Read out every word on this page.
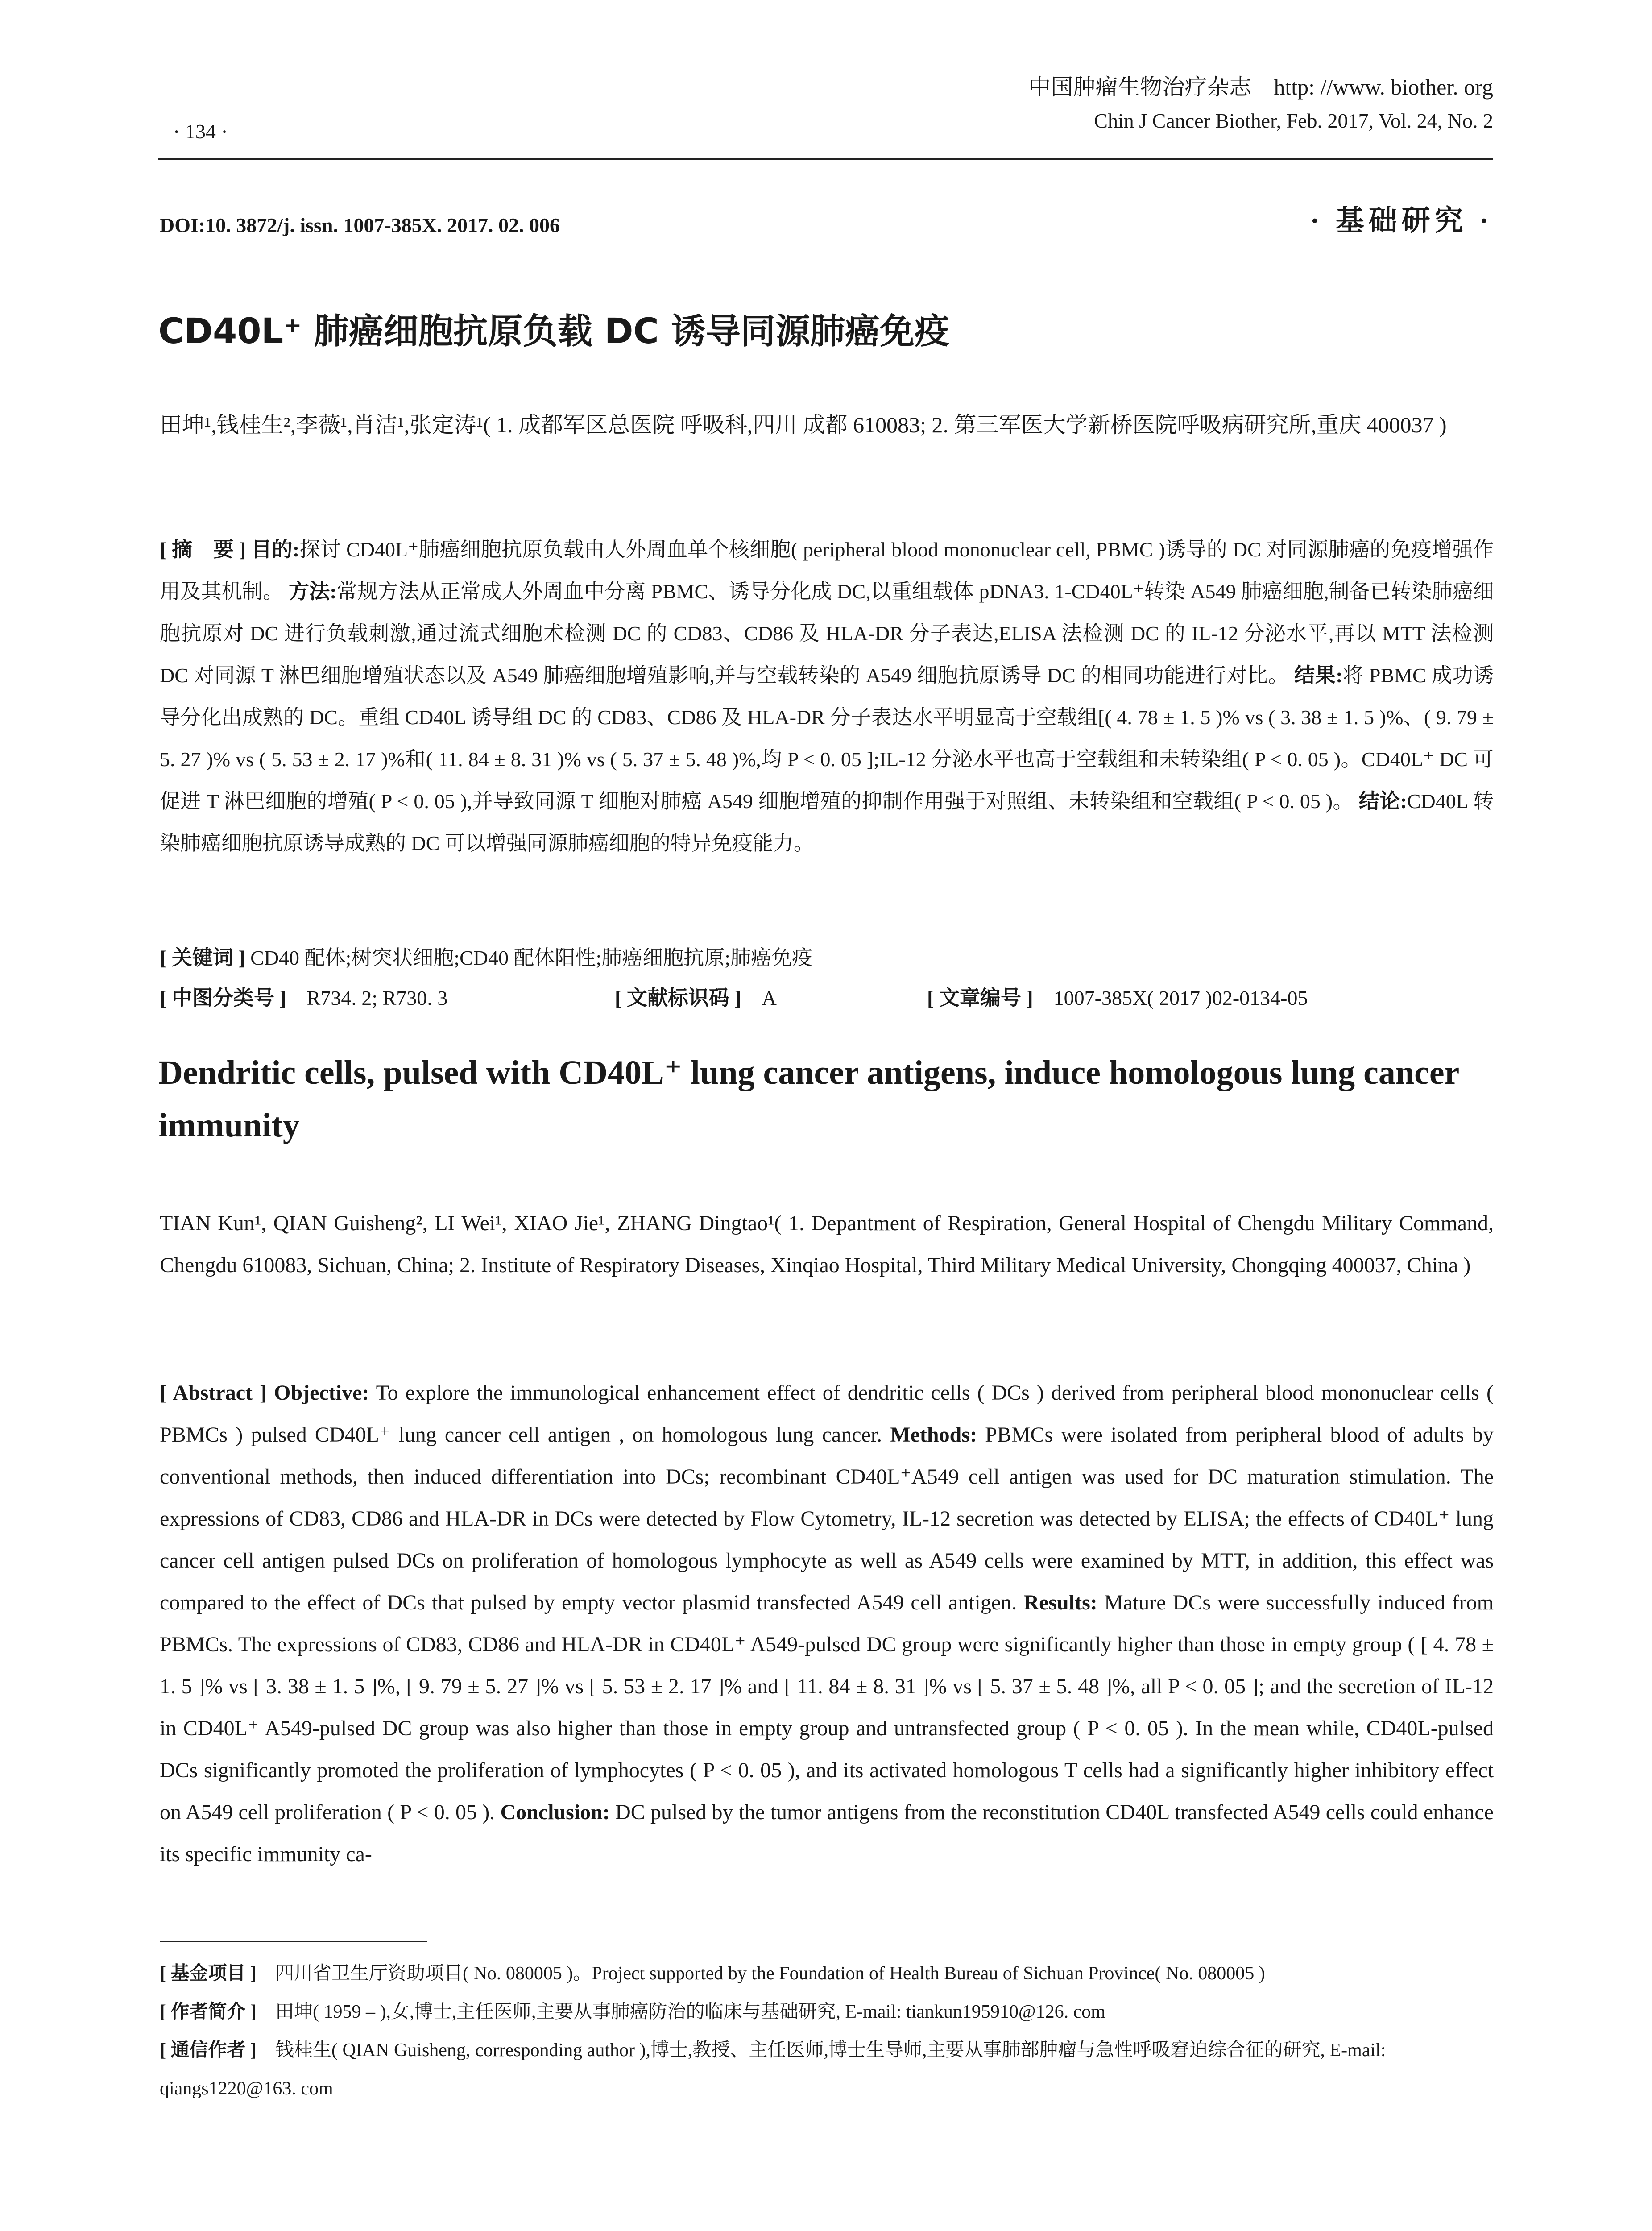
· 134 ·
中国肿瘤生物治疗杂志　http: //www. biother. org
Chin J Cancer Biother, Feb. 2017, Vol. 24, No. 2
DOI:10. 3872/j. issn. 1007-385X. 2017. 02. 006	· 基础研究 ·
CD40L⁺ 肺癌细胞抗原负载 DC 诱导同源肺癌免疫
田坤¹,钱桂生²,李薇¹,肖洁¹,张定涛¹( 1. 成都军区总医院 呼吸科,四川 成都 610083; 2. 第三军医大学新桥医院呼吸病研究所,重庆 400037 )
[ 摘　要 ] 目的:探讨 CD40L⁺肺癌细胞抗原负载由人外周血单个核细胞( peripheral blood mononuclear cell, PBMC )诱导的 DC 对同源肺癌的免疫增强作用及其机制。 方法:常规方法从正常成人外周血中分离 PBMC、诱导分化成 DC,以重组载体 pDNA3. 1-CD40L⁺转染 A549 肺癌细胞,制备已转染肺癌细胞抗原对 DC 进行负载刺激,通过流式细胞术检测 DC 的 CD83、CD86 及 HLA-DR 分子表达,ELISA 法检测 DC 的 IL-12 分泌水平,再以 MTT 法检测 DC 对同源 T 淋巴细胞增殖状态以及 A549 肺癌细胞增殖影响,并与空载转染的 A549 细胞抗原诱导 DC 的相同功能进行对比。 结果:将 PBMC 成功诱导分化出成熟的 DC。重组 CD40L 诱导组 DC 的 CD83、CD86 及 HLA-DR 分子表达水平明显高于空载组[( 4. 78 ± 1. 5 )% vs ( 3. 38 ± 1. 5 )%、( 9. 79 ± 5. 27 )% vs ( 5. 53 ± 2. 17 )%和( 11. 84 ± 8. 31 )% vs ( 5. 37 ± 5. 48 )%,均 P < 0. 05 ];IL-12 分泌水平也高于空载组和未转染组( P < 0. 05 )。CD40L⁺ DC 可促进 T 淋巴细胞的增殖( P < 0. 05 ),并导致同源 T 细胞对肺癌 A549 细胞增殖的抑制作用强于对照组、未转染组和空载组( P < 0. 05 )。 结论:CD40L 转染肺癌细胞抗原诱导成熟的 DC 可以增强同源肺癌细胞的特异免疫能力。
[ 关键词 ] CD40 配体;树突状细胞;CD40 配体阳性;肺癌细胞抗原;肺癌免疫
[ 中图分类号 ]　 R734. 2; R730. 3	[ 文献标识码 ]　 A	[ 文章编号 ]　 1007-385X( 2017 )02-0134-05
Dendritic cells, pulsed with CD40L⁺ lung cancer antigens, induce homologous lung cancer immunity
TIAN Kun¹, QIAN Guisheng², LI Wei¹, XIAO Jie¹, ZHANG Dingtao¹( 1. Depantment of Respiration, General Hospital of Chengdu Military Command, Chengdu 610083, Sichuan, China; 2. Institute of Respiratory Diseases, Xinqiao Hospital, Third Military Medical University, Chongqing 400037, China )
[ Abstract ] Objective: To explore the immunological enhancement effect of dendritic cells ( DCs ) derived from peripheral blood mononuclear cells ( PBMCs ) pulsed CD40L⁺ lung cancer cell antigen , on homologous lung cancer. Methods: PBMCs were isolated from peripheral blood of adults by conventional methods, then induced differentiation into DCs; recombinant CD40L⁺A549 cell antigen was used for DC maturation stimulation. The expressions of CD83, CD86 and HLA-DR in DCs were detected by Flow Cytometry, IL-12 secretion was detected by ELISA; the effects of CD40L⁺ lung cancer cell antigen pulsed DCs on proliferation of homologous lymphocyte as well as A549 cells were examined by MTT, in addition, this effect was compared to the effect of DCs that pulsed by empty vector plasmid transfected A549 cell antigen. Results: Mature DCs were successfully induced from PBMCs. The expressions of CD83, CD86 and HLA-DR in CD40L⁺ A549-pulsed DC group were significantly higher than those in empty group ( [ 4. 78 ± 1. 5 ]% vs [ 3. 38 ± 1. 5 ]%, [ 9. 79 ± 5. 27 ]% vs [ 5. 53 ± 2. 17 ]% and [ 11. 84 ± 8. 31 ]% vs [ 5. 37 ± 5. 48 ]%, all P < 0. 05 ]; and the secretion of IL-12 in CD40L⁺ A549-pulsed DC group was also higher than those in empty group and untransfected group ( P < 0. 05 ). In the mean while, CD40L-pulsed DCs significantly promoted the proliferation of lymphocytes ( P < 0. 05 ), and its activated homologous T cells had a significantly higher inhibitory effect on A549 cell proliferation ( P < 0. 05 ). Conclusion: DC pulsed by the tumor antigens from the reconstitution CD40L transfected A549 cells could enhance its specific immunity ca-
[ 基金项目 ]　 四川省卫生厅资助项目( No. 080005 )。Project supported by the Foundation of Health Bureau of Sichuan Province( No. 080005 )
[ 作者简介 ]　 田坤( 1959 – ),女,博士,主任医师,主要从事肺癌防治的临床与基础研究, E-mail: tiankun195910@126. com
[ 通信作者 ]　 钱桂生( QIAN Guisheng, corresponding author ),博士,教授、主任医师,博士生导师,主要从事肺部肿瘤与急性呼吸窘迫综合征的研究, E-mail: qiangs1220@163. com
